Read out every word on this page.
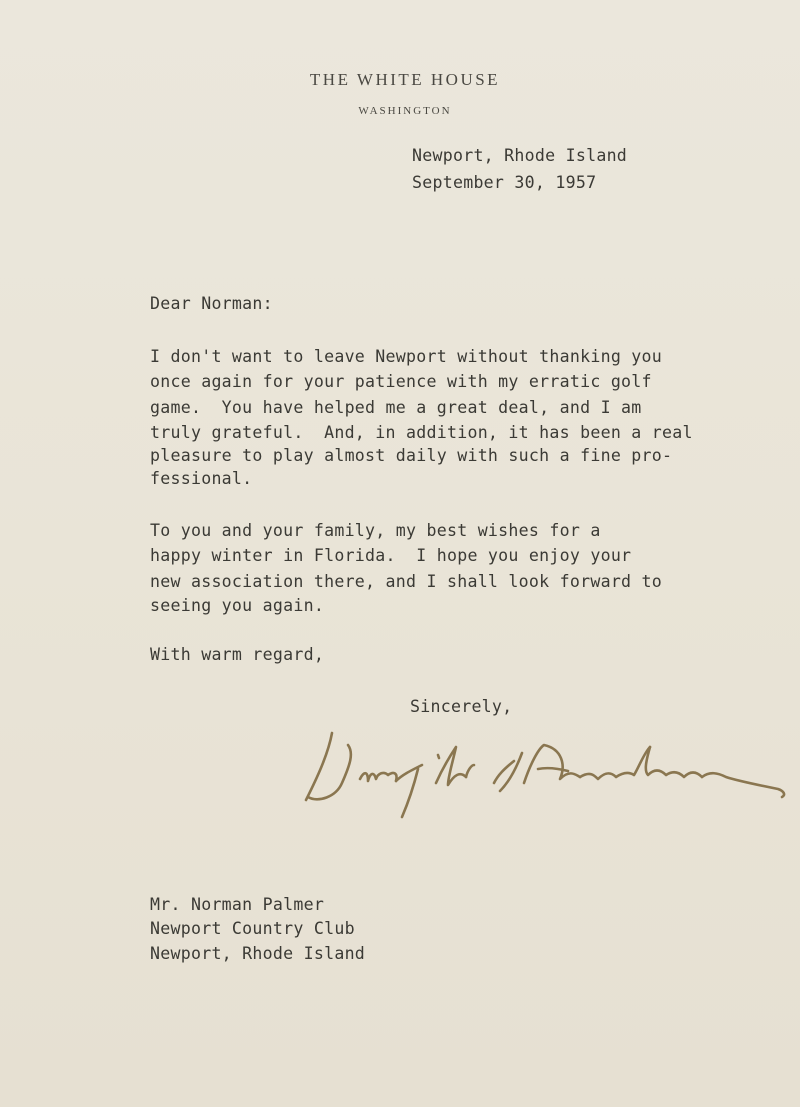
THE WHITE HOUSE
WASHINGTON
Newport, Rhode Island
September 30, 1957
Dear Norman:
I don't want to leave Newport without thanking you
once again for your patience with my erratic golf
game.  You have helped me a great deal, and I am
truly grateful.  And, in addition, it has been a real
pleasure to play almost daily with such a fine pro-
fessional.
To you and your family, my best wishes for a
happy winter in Florida.  I hope you enjoy your
new association there, and I shall look forward to
seeing you again.
With warm regard,
Sincerely,
Mr. Norman Palmer
Newport Country Club
Newport, Rhode Island
